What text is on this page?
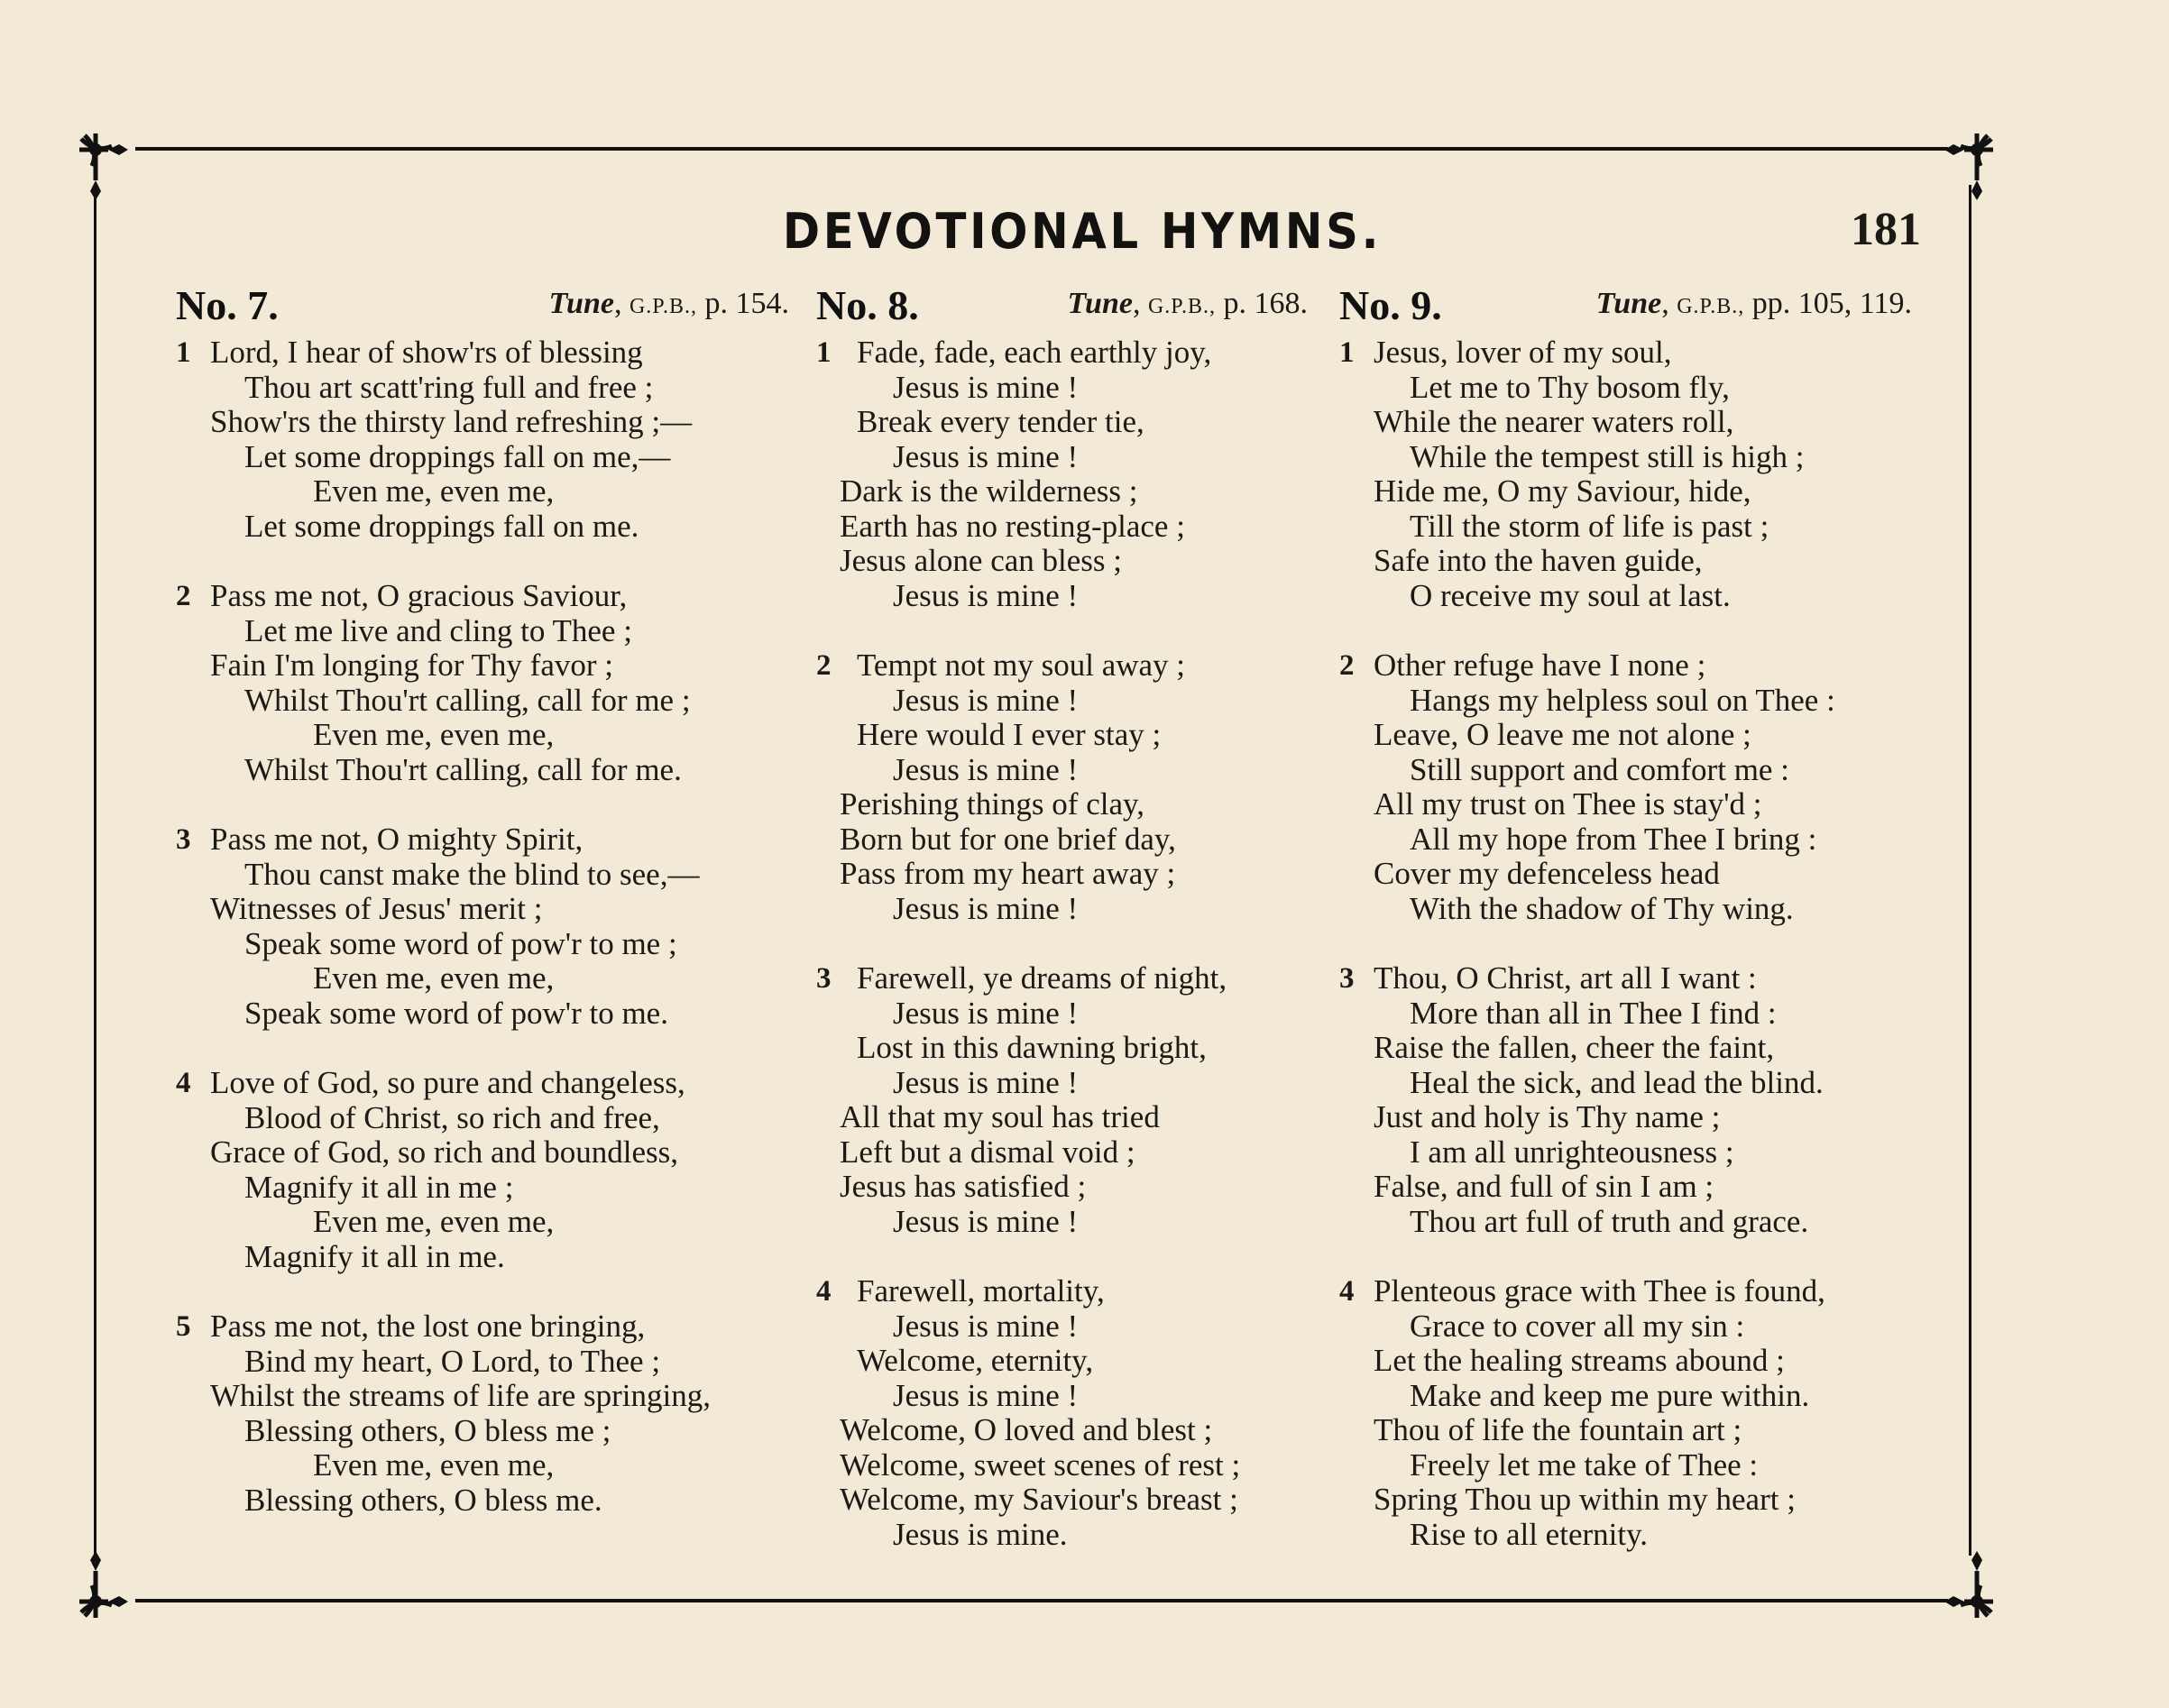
DEVOTIONAL HYMNS.	181
No. 7.	Tune, G.P.B., p. 154.
1 Lord, I hear of show'rs of blessing
Thou art scatt'ring full and free ;
Show'rs the thirsty land refreshing ;—
Let some droppings fall on me,—
Even me, even me,
Let some droppings fall on me.
2 Pass me not, O gracious Saviour,
Let me live and cling to Thee ;
Fain I'm longing for Thy favor ;
Whilst Thou'rt calling, call for me ;
Even me, even me,
Whilst Thou'rt calling, call for me.
3 Pass me not, O mighty Spirit,
Thou canst make the blind to see,—
Witnesses of Jesus' merit ;
Speak some word of pow'r to me ;
Even me, even me,
Speak some word of pow'r to me.
4 Love of God, so pure and changeless,
Blood of Christ, so rich and free,
Grace of God, so rich and boundless,
Magnify it all in me ;
Even me, even me,
Magnify it all in me.
5 Pass me not, the lost one bringing,
Bind my heart, O Lord, to Thee ;
Whilst the streams of life are springing,
Blessing others, O bless me ;
Even me, even me,
Blessing others, O bless me.
No. 8.	Tune, G.P.B., p. 168.
1 Fade, fade, each earthly joy,
Jesus is mine !
Break every tender tie,
Jesus is mine !
Dark is the wilderness ;
Earth has no resting-place ;
Jesus alone can bless ;
Jesus is mine !
2 Tempt not my soul away ;
Jesus is mine !
Here would I ever stay ;
Jesus is mine !
Perishing things of clay,
Born but for one brief day,
Pass from my heart away ;
Jesus is mine !
3 Farewell, ye dreams of night,
Jesus is mine !
Lost in this dawning bright,
Jesus is mine !
All that my soul has tried
Left but a dismal void ;
Jesus has satisfied ;
Jesus is mine !
4 Farewell, mortality,
Jesus is mine !
Welcome, eternity,
Jesus is mine !
Welcome, O loved and blest ;
Welcome, sweet scenes of rest ;
Welcome, my Saviour's breast ;
Jesus is mine.
No. 9.	Tune, G.P.B., pp. 105, 119.
1 Jesus, lover of my soul,
Let me to Thy bosom fly,
While the nearer waters roll,
While the tempest still is high ;
Hide me, O my Saviour, hide,
Till the storm of life is past ;
Safe into the haven guide,
O receive my soul at last.
2 Other refuge have I none ;
Hangs my helpless soul on Thee :
Leave, O leave me not alone ;
Still support and comfort me :
All my trust on Thee is stay'd ;
All my hope from Thee I bring :
Cover my defenceless head
With the shadow of Thy wing.
3 Thou, O Christ, art all I want :
More than all in Thee I find :
Raise the fallen, cheer the faint,
Heal the sick, and lead the blind.
Just and holy is Thy name ;
I am all unrighteousness ;
False, and full of sin I am ;
Thou art full of truth and grace.
4 Plenteous grace with Thee is found,
Grace to cover all my sin :
Let the healing streams abound ;
Make and keep me pure within.
Thou of life the fountain art ;
Freely let me take of Thee :
Spring Thou up within my heart ;
Rise to all eternity.
